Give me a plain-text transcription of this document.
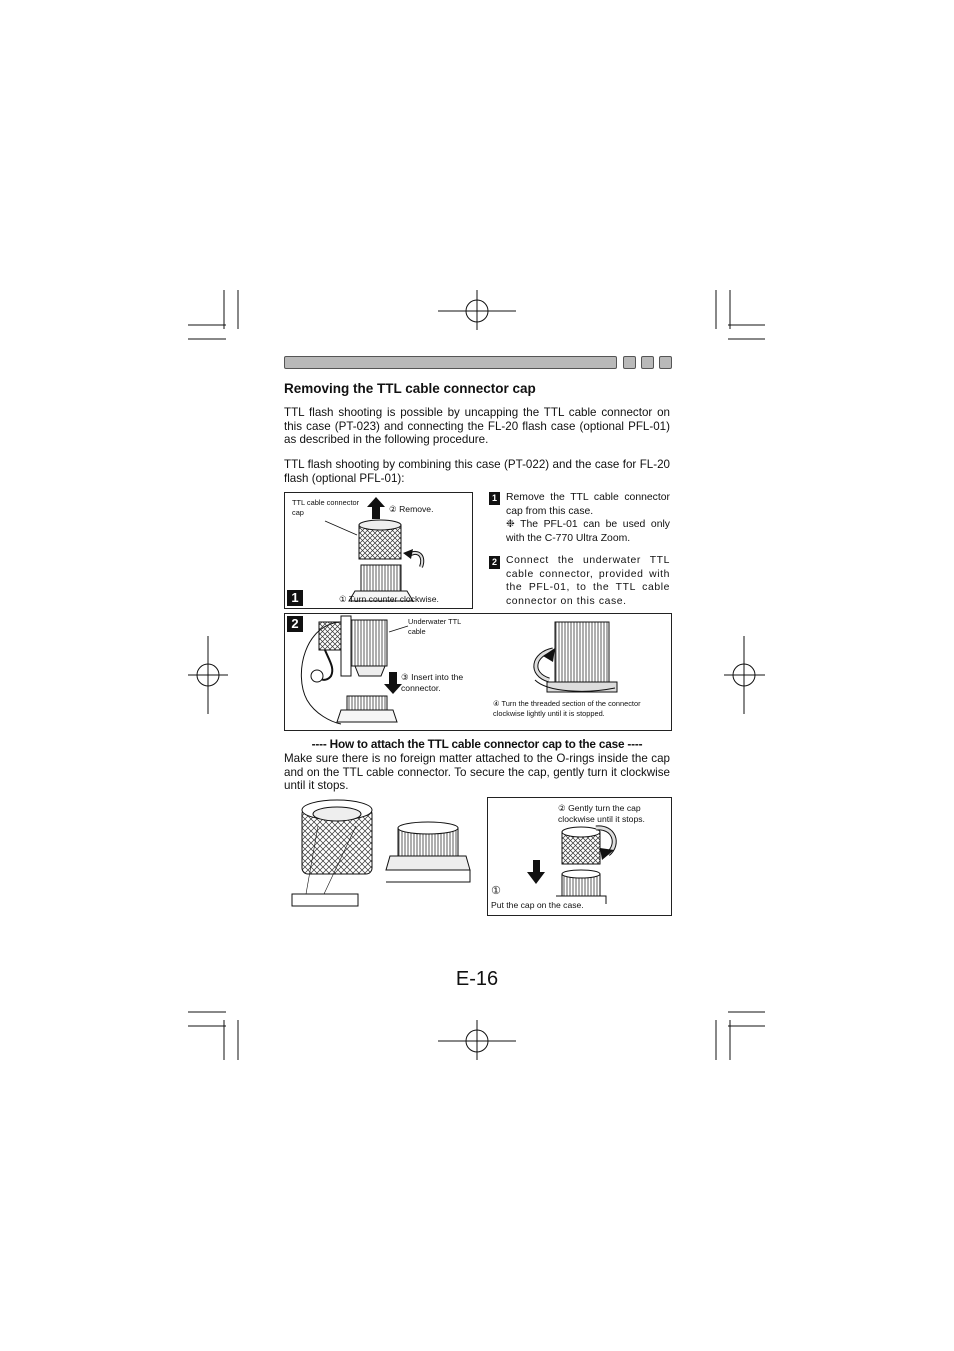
Removing the TTL cable connector cap

TTL flash shooting is possible by uncapping the TTL cable connector on this case (PT-023) and connecting the FL-20 flash case (optional PFL-01) as described in the following procedure.

TTL flash shooting by combining this case (PT-022) and the case for FL-20 flash (optional PFL-01):

TTL cable connector cap	② Remove.
① Turn counter clockwise.
1
1 Remove the TTL cable connector cap from this case.
❉ The PFL-01 can be used only with the C-770 Ultra Zoom.
2 Connect the underwater TTL cable connector, provided with the PFL-01, to the TTL cable connector on this case.
Underwater TTL cable
③ Insert into the connector.
④ Turn the threaded section of the connector clockwise lightly until it is stopped.
2
---- How to attach the TTL cable connector cap to the case ----

Make sure there is no foreign matter attached to the O-rings inside the cap and on the TTL cable connector. To secure the cap, gently turn it clockwise until it stops.

② Gently turn the cap clockwise until it stops.
①
Put the cap on the case.
E-16
